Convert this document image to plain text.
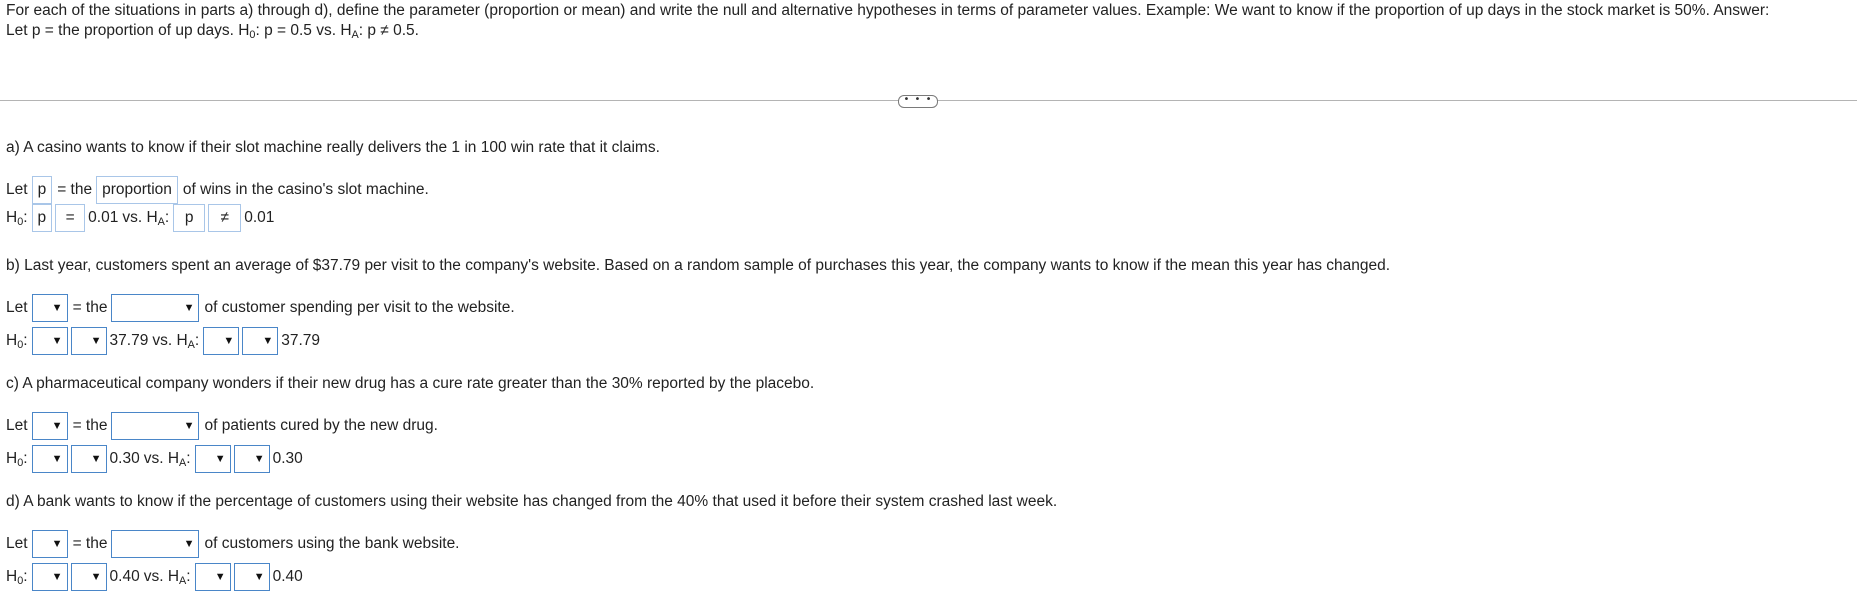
For each of the situations in parts a) through d), define the parameter (proportion or mean) and write the null and alternative hypotheses in terms of parameter values. Example: We want to know if the proportion of up days in the stock market is 50%. Answer:
Let p = the proportion of up days. $H_0$: p = 0.5 vs. $H_A$: p ≠ 0.5.
• • •
a) A casino wants to know if their slot machine really delivers the 1 in 100 win rate that it claims.
Let p = the proportion of wins in the casino's slot machine.
$H_0$: p = 0.01 vs. $H_A$: p ≠ 0.01
b) Last year, customers spent an average of $37.79 per visit to the company's website. Based on a random sample of purchases this year, the company wants to know if the mean this year has changed.
Let ▼ = the	▼ of customer spending per visit to the website.
$H_0$: ▼	▼ 37.79 vs. $H_A$: ▼	▼ 37.79
c) A pharmaceutical company wonders if their new drug has a cure rate greater than the 30% reported by the placebo.
Let ▼ = the	▼ of patients cured by the new drug.
$H_0$: ▼	▼ 0.30 vs. $H_A$: ▼	▼ 0.30
d) A bank wants to know if the percentage of customers using their website has changed from the 40% that used it before their system crashed last week.
Let ▼ = the	▼ of customers using the bank website.
$H_0$: ▼	▼ 0.40 vs. $H_A$: ▼	▼ 0.40
